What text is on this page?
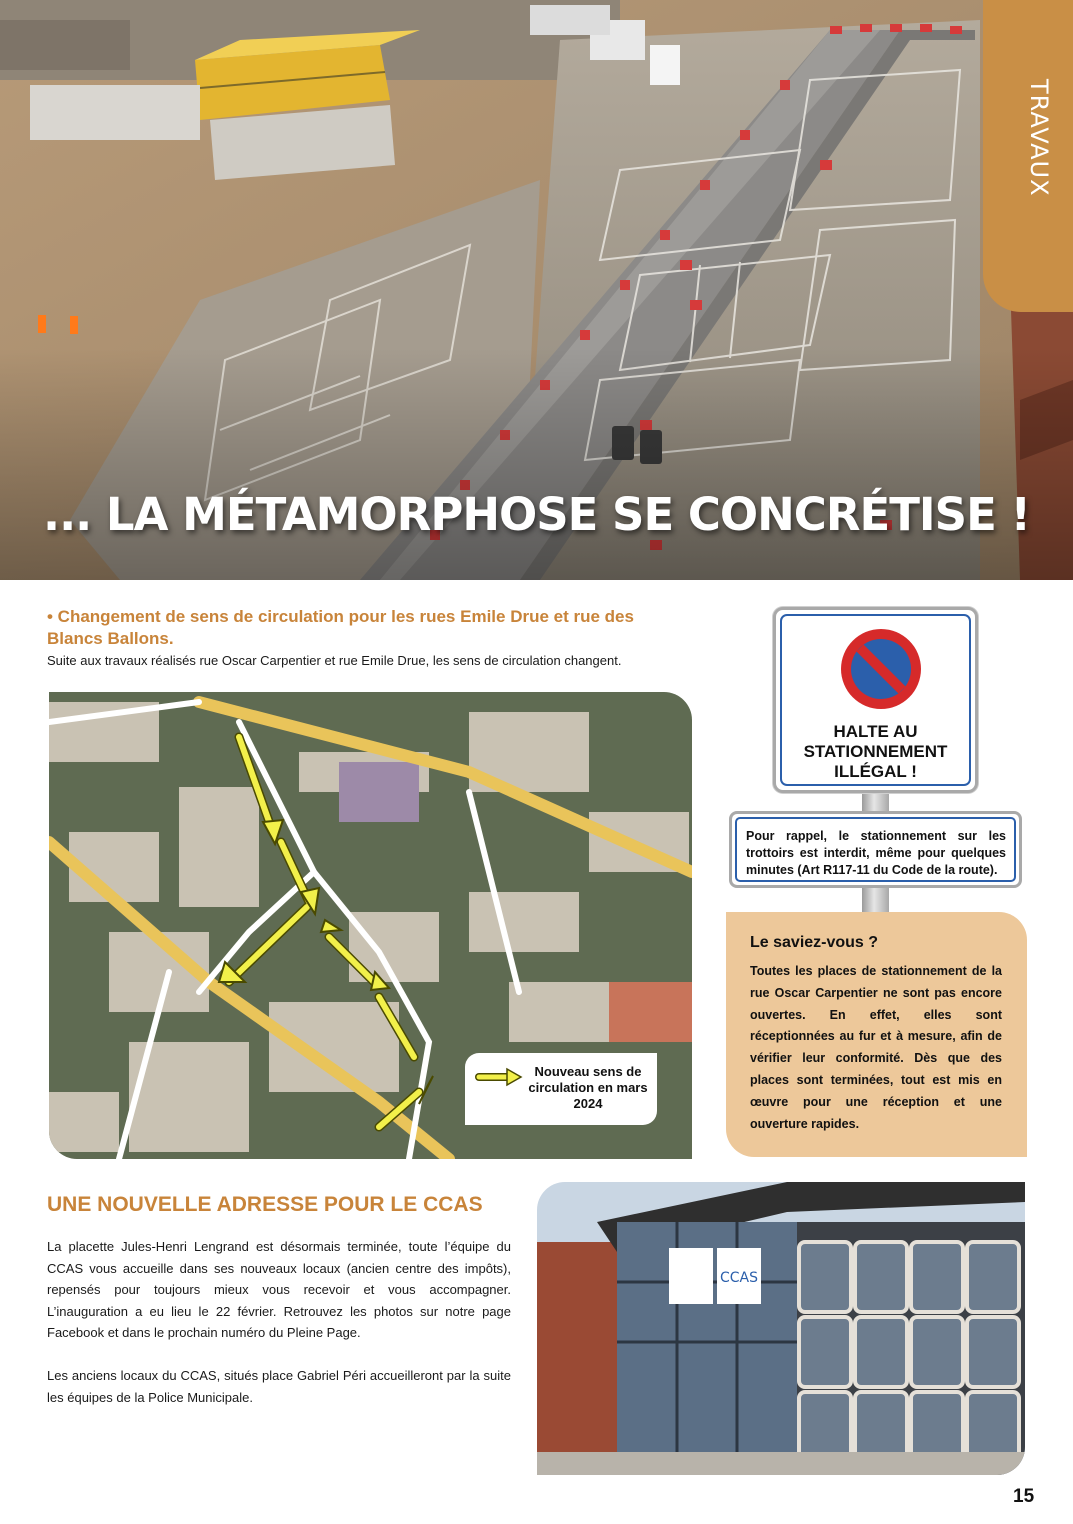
... LA MÉTAMORPHOSE SE CONCRÉTISE !
TRAVAUX
• Changement de sens de circulation pour les rues Emile Drue et rue des Blancs Ballons.
Suite aux travaux réalisés rue Oscar Carpentier et rue Emile Drue, les sens de circulation changent.
Nouveau sens de circulation en mars 2024
HALTE AU STATIONNEMENT ILLÉGAL !
Pour rappel, le stationnement sur les trottoirs est interdit, même pour quelques minutes (Art R117-11 du Code de la route).
Le saviez-vous ?
Toutes les places de stationnement de la rue Oscar Carpentier ne sont pas encore ouvertes. En effet, elles sont réceptionnées au fur et à mesure, afin de vérifier leur conformité. Dès que des places sont terminées, tout est mis en œuvre pour une réception et une ouverture rapides.
UNE NOUVELLE ADRESSE POUR LE CCAS

La placette Jules-Henri Lengrand est désormais terminée, toute l’équipe du CCAS vous accueille dans ses nouveaux locaux (ancien centre des impôts), repensés pour toujours mieux vous recevoir et vous accompagner. L’inauguration a eu lieu le 22 février. Retrouvez les photos sur notre page Facebook et dans le prochain numéro du Pleine Page.

Les anciens locaux du CCAS, situés place Gabriel Péri accueilleront par la suite les équipes de la Police Municipale.

CCAS
15
